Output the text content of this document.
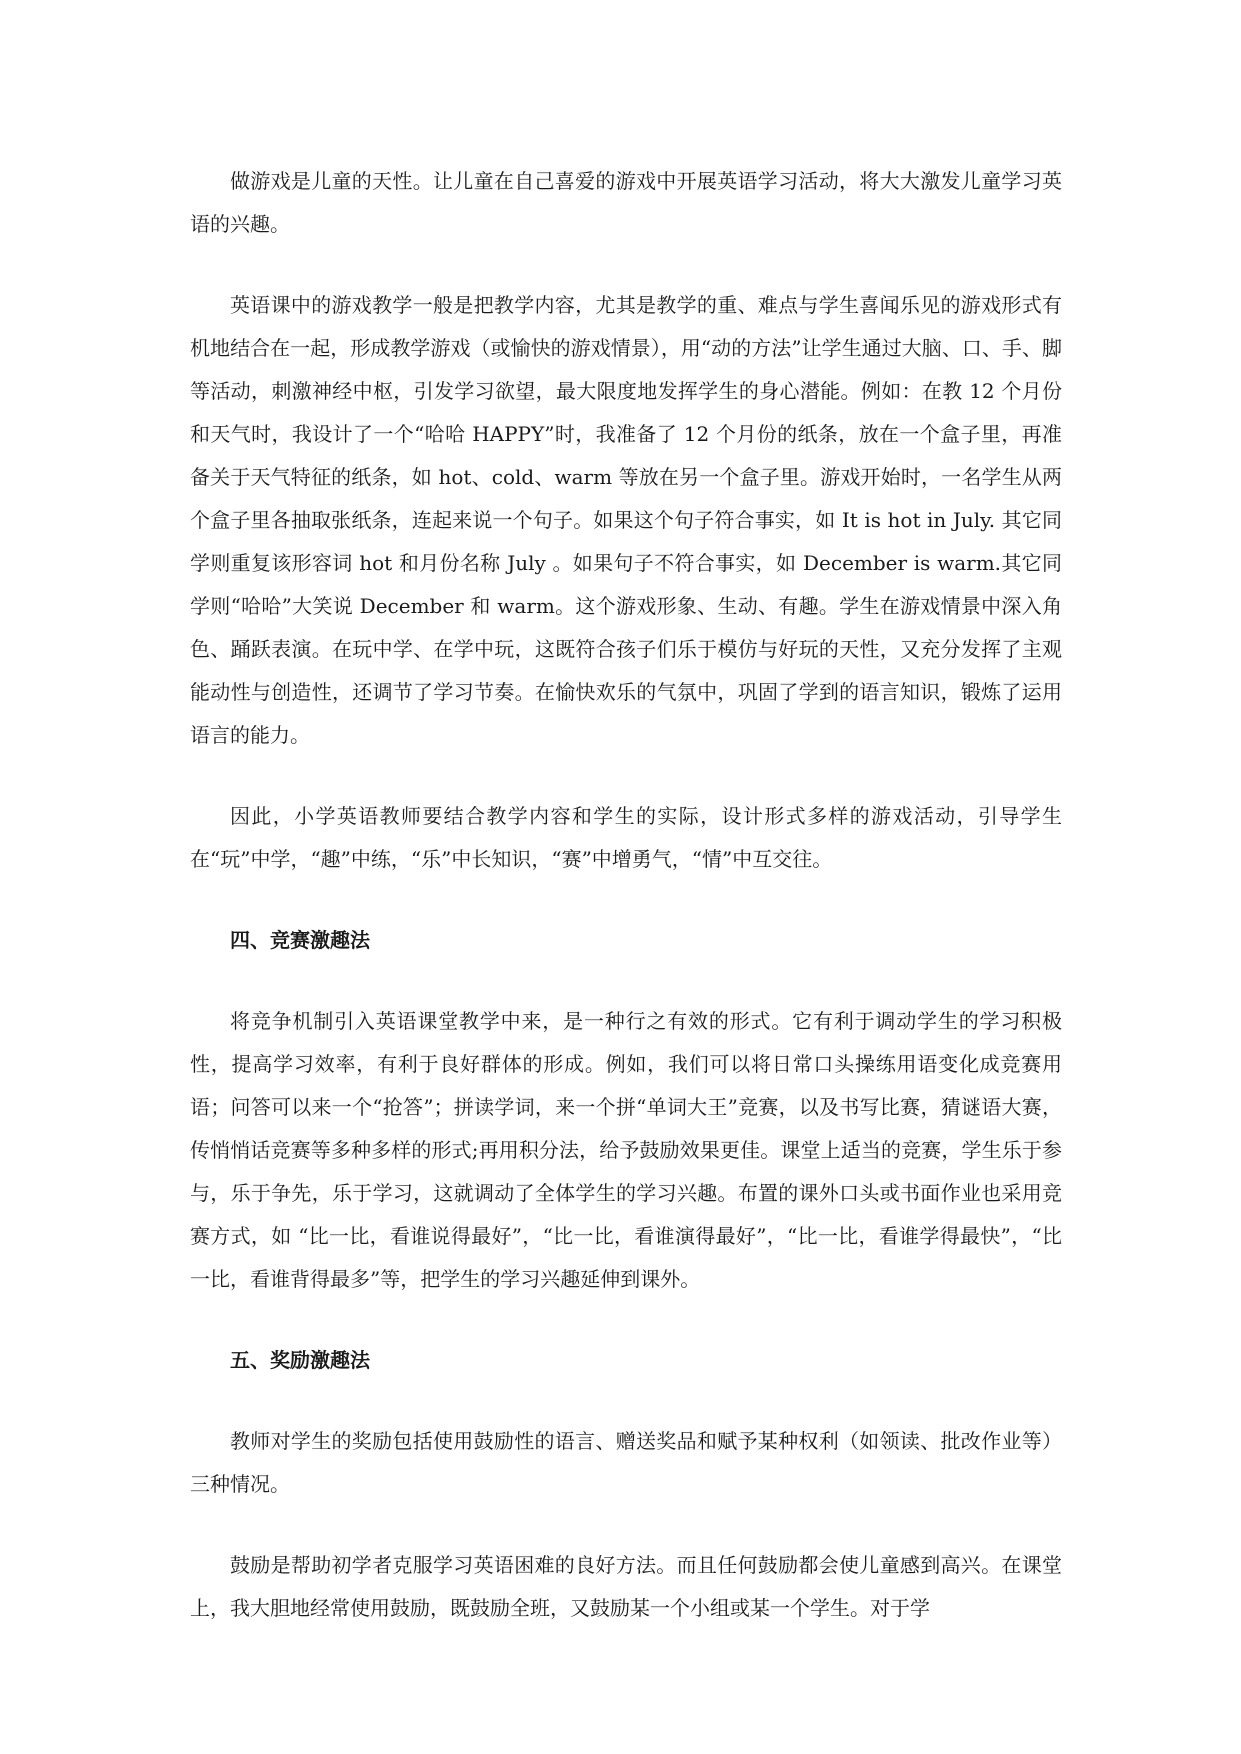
做游戏是儿童的天性。让儿童在自己喜爱的游戏中开展英语学习活动，将大大激发儿童学习英语的兴趣。

英语课中的游戏教学一般是把教学内容，尤其是教学的重、难点与学生喜闻乐见的游戏形式有机地结合在一起，形成教学游戏（或愉快的游戏情景），用“动的方法”让学生通过大脑、口、手、脚等活动，刺激神经中枢，引发学习欲望，最大限度地发挥学生的身心潜能。例如：在教 12 个月份和天气时，我设计了一个“哈哈 HAPPY”时，我准备了 12 个月份的纸条，放在一个盒子里，再准备关于天气特征的纸条，如 hot、cold、warm 等放在另一个盒子里。游戏开始时，一名学生从两个盒子里各抽取张纸条，连起来说一个句子。如果这个句子符合事实，如 It is hot in July. 其它同学则重复该形容词 hot 和月份名称 July 。如果句子不符合事实，如 December is warm.其它同学则“哈哈”大笑说 December 和 warm。这个游戏形象、生动、有趣。学生在游戏情景中深入角色、踊跃表演。在玩中学、在学中玩，这既符合孩子们乐于模仿与好玩的天性，又充分发挥了主观能动性与创造性，还调节了学习节奏。在愉快欢乐的气氛中，巩固了学到的语言知识，锻炼了运用语言的能力。

因此，小学英语教师要结合教学内容和学生的实际，设计形式多样的游戏活动，引导学生在“玩”中学，“趣”中练，“乐”中长知识，“赛”中增勇气，“情”中互交往。

四、竞赛激趣法

将竞争机制引入英语课堂教学中来，是一种行之有效的形式。它有利于调动学生的学习积极性，提高学习效率，有利于良好群体的形成。例如，我们可以将日常口头操练用语变化成竞赛用语；问答可以来一个“抢答”；拼读学词，来一个拼“单词大王”竞赛，以及书写比赛，猜谜语大赛，传悄悄话竞赛等多种多样的形式;再用积分法，给予鼓励效果更佳。课堂上适当的竞赛，学生乐于参与，乐于争先，乐于学习，这就调动了全体学生的学习兴趣。布置的课外口头或书面作业也采用竞赛方式，如 “比一比，看谁说得最好”，“比一比，看谁演得最好”，“比一比，看谁学得最快”，“比一比，看谁背得最多”等，把学生的学习兴趣延伸到课外。

五、奖励激趣法

教师对学生的奖励包括使用鼓励性的语言、赠送奖品和赋予某种权利（如领读、批改作业等）三种情况。

鼓励是帮助初学者克服学习英语困难的良好方法。而且任何鼓励都会使儿童感到高兴。在课堂上，我大胆地经常使用鼓励，既鼓励全班，又鼓励某一个小组或某一个学生。对于学
